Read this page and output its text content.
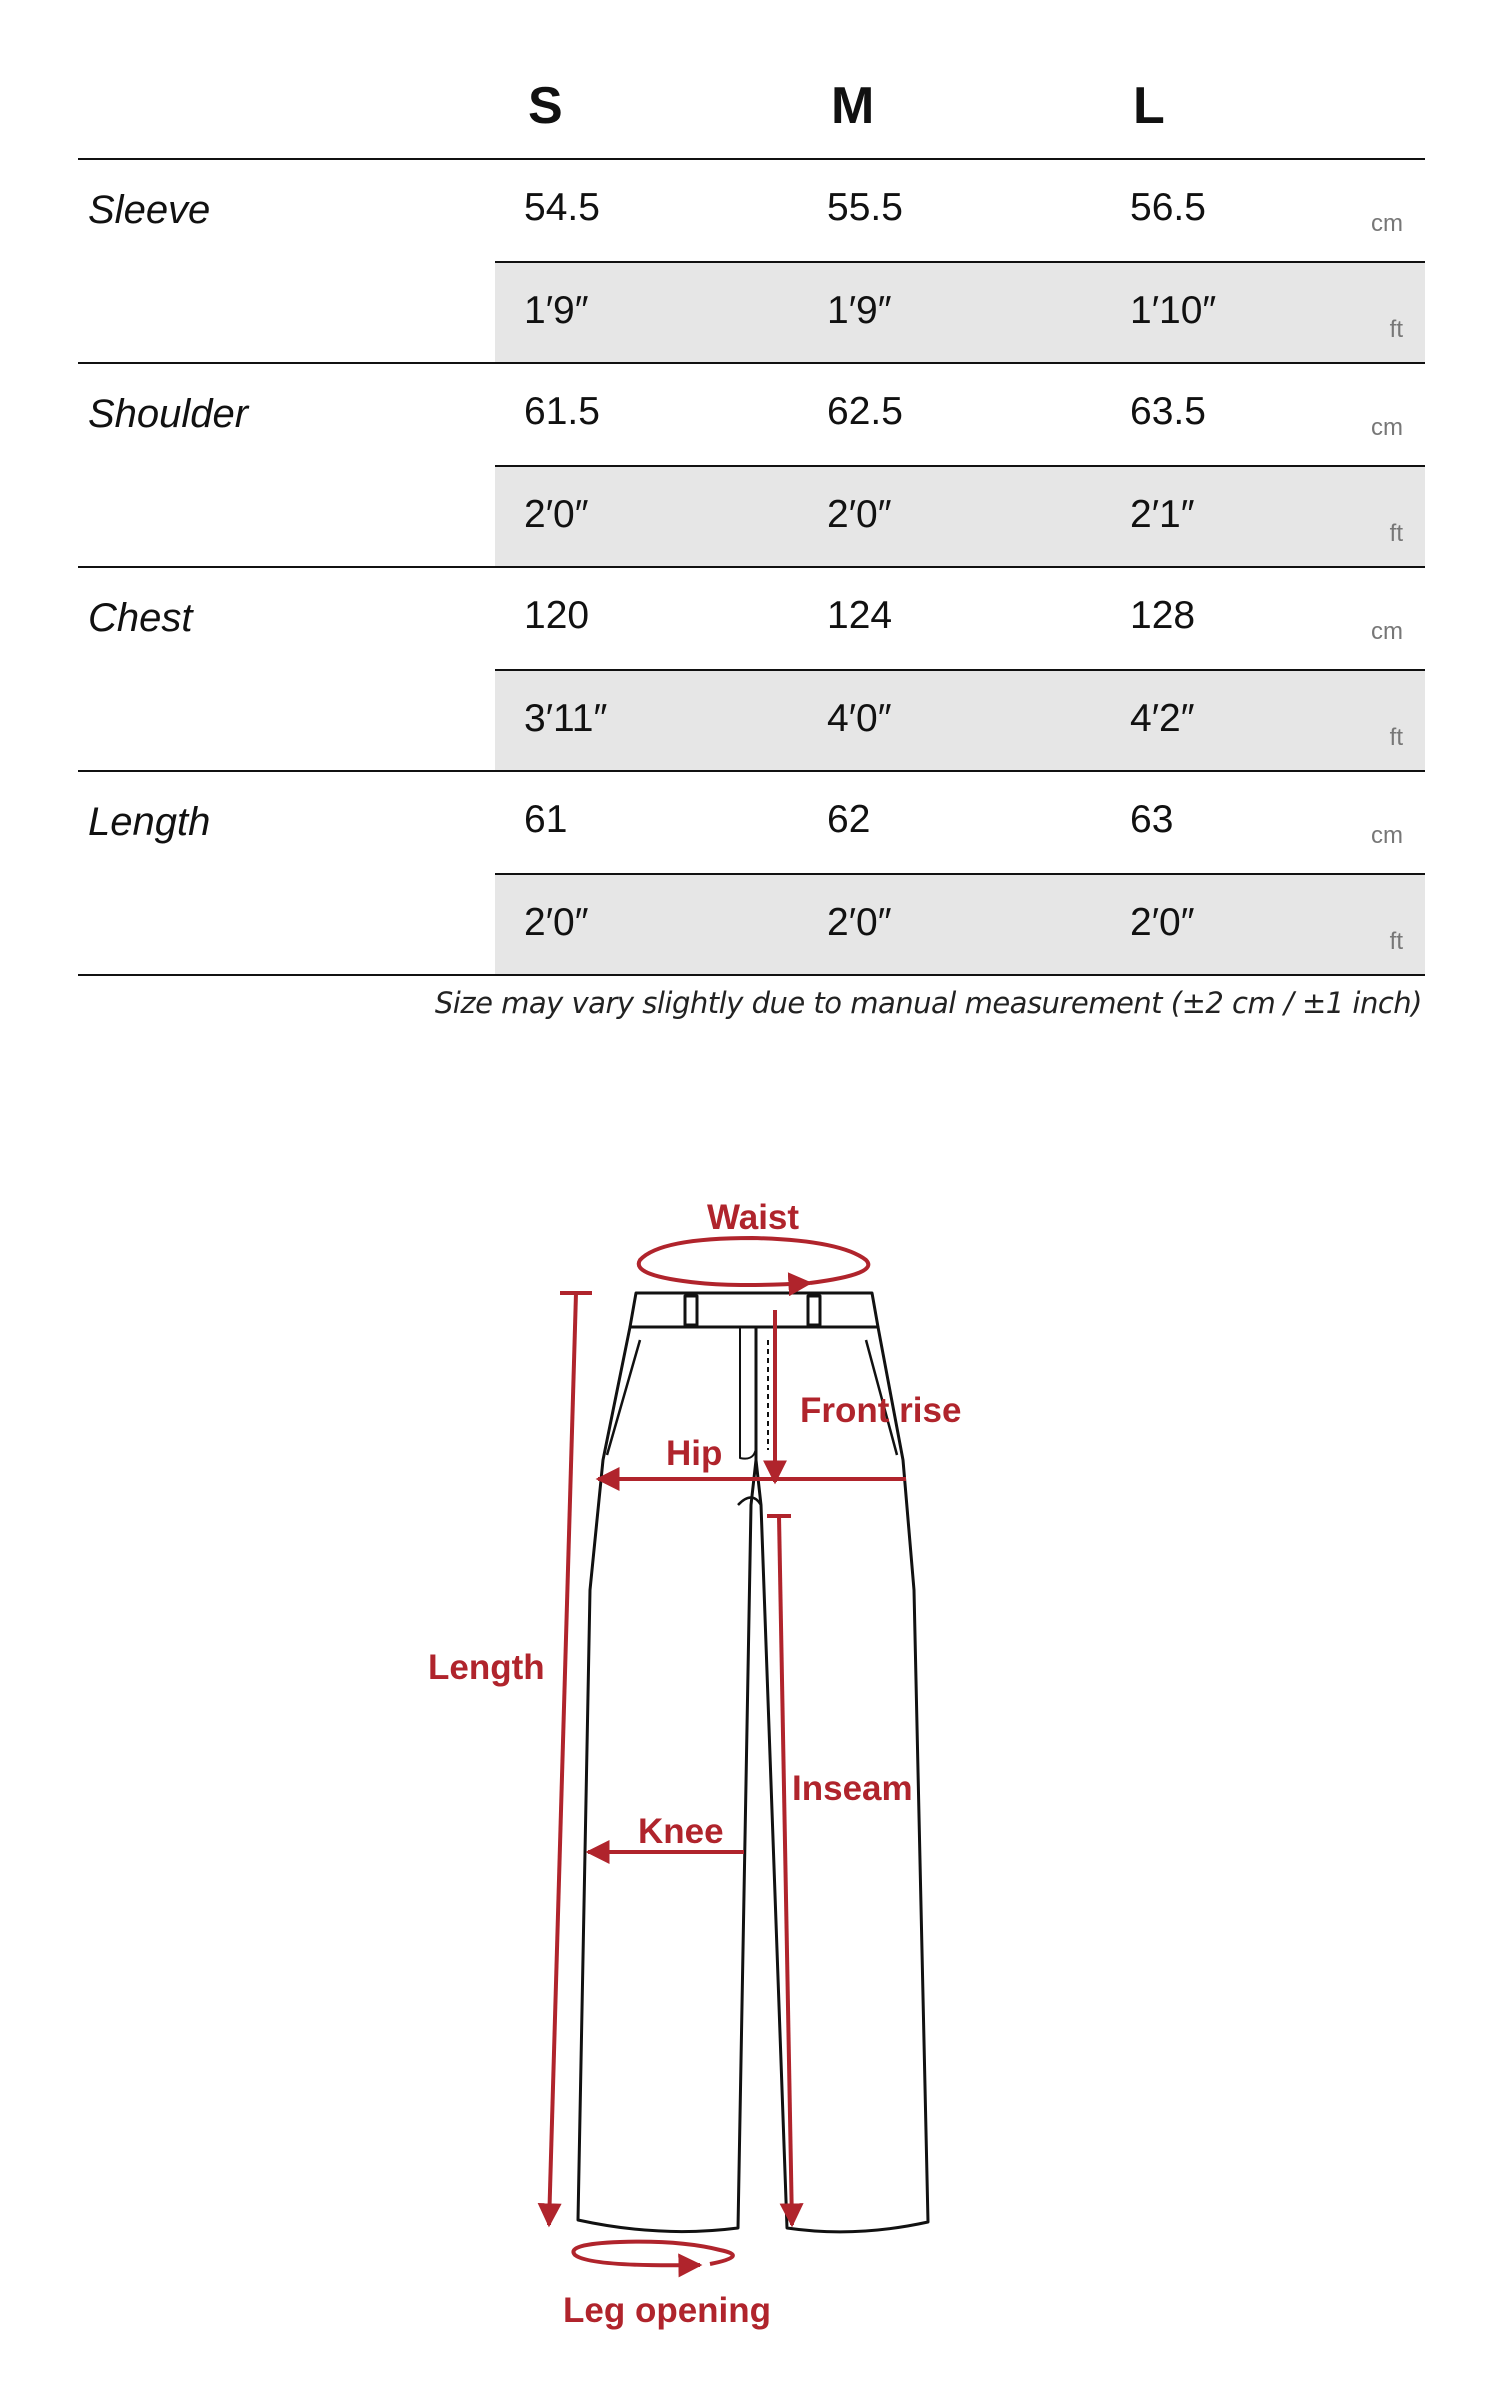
S	M	L
Sleeve	54.5	55.5	56.5	cm
1′9″	1′9″	1′10″	ft
Shoulder	61.5	62.5	63.5	cm
2′0″	2′0″	2′1″	ft
Chest	120	124	128	cm
3′11″	4′0″	4′2″	ft
Length	61	62	63	cm
2′0″	2′0″	2′0″	ft
Size may vary slightly due to manual measurement (±2 cm / ±1 inch)
Waist
Front rise
Hip
Length
Inseam
Knee
Leg opening
